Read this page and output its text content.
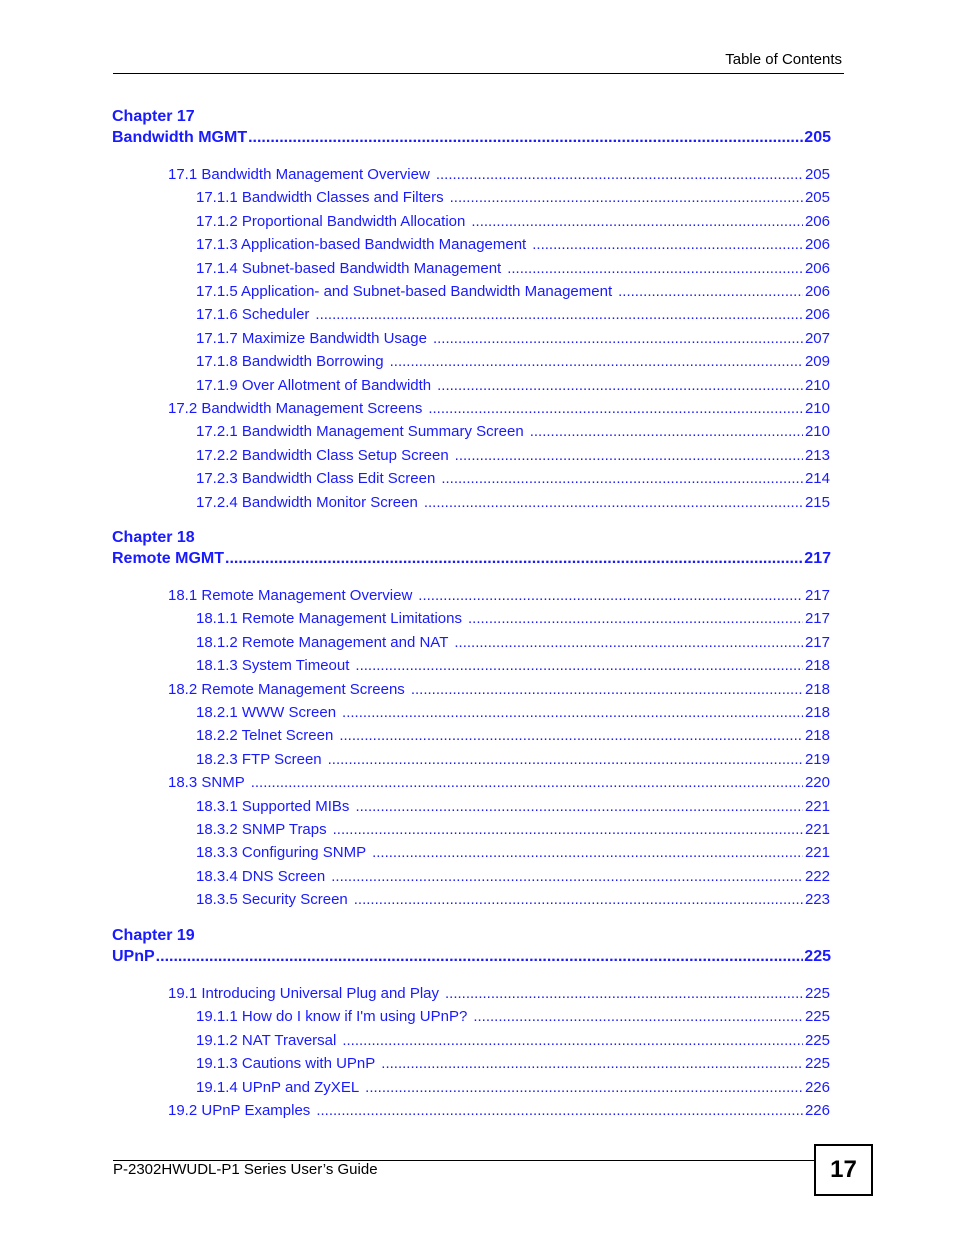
Table of Contents
Chapter 17
Bandwidth MGMT .....	205
17.1 Bandwidth Management Overview .....	205
17.1.1 Bandwidth Classes and Filters .....	205
17.1.2 Proportional Bandwidth Allocation .....	206
17.1.3 Application-based Bandwidth Management .....	206
17.1.4 Subnet-based Bandwidth Management .....	206
17.1.5 Application- and Subnet-based Bandwidth Management .....	206
17.1.6 Scheduler .....	206
17.1.7 Maximize Bandwidth Usage .....	207
17.1.8 Bandwidth Borrowing .....	209
17.1.9 Over Allotment of Bandwidth .....	210
17.2 Bandwidth Management Screens .....	210
17.2.1 Bandwidth Management Summary Screen .....	210
17.2.2 Bandwidth Class Setup Screen .....	213
17.2.3 Bandwidth Class Edit Screen .....	214
17.2.4 Bandwidth Monitor Screen .....	215
Chapter 18
Remote MGMT .....	217
18.1 Remote Management Overview .....	217
18.1.1 Remote Management Limitations .....	217
18.1.2 Remote Management and NAT .....	217
18.1.3 System Timeout .....	218
18.2 Remote Management Screens .....	218
18.2.1 WWW Screen .....	218
18.2.2 Telnet Screen .....	218
18.2.3 FTP Screen .....	219
18.3 SNMP .....	220
18.3.1 Supported MIBs .....	221
18.3.2 SNMP Traps .....	221
18.3.3 Configuring SNMP .....	221
18.3.4 DNS Screen .....	222
18.3.5 Security Screen .....	223
Chapter 19
UPnP .....	225
19.1 Introducing Universal Plug and Play .....	225
19.1.1 How do I know if I'm using UPnP? .....	225
19.1.2 NAT Traversal .....	225
19.1.3 Cautions with UPnP .....	225
19.1.4 UPnP and ZyXEL .....	226
19.2 UPnP Examples .....	226
P-2302HWUDL-P1 Series User’s Guide	17
